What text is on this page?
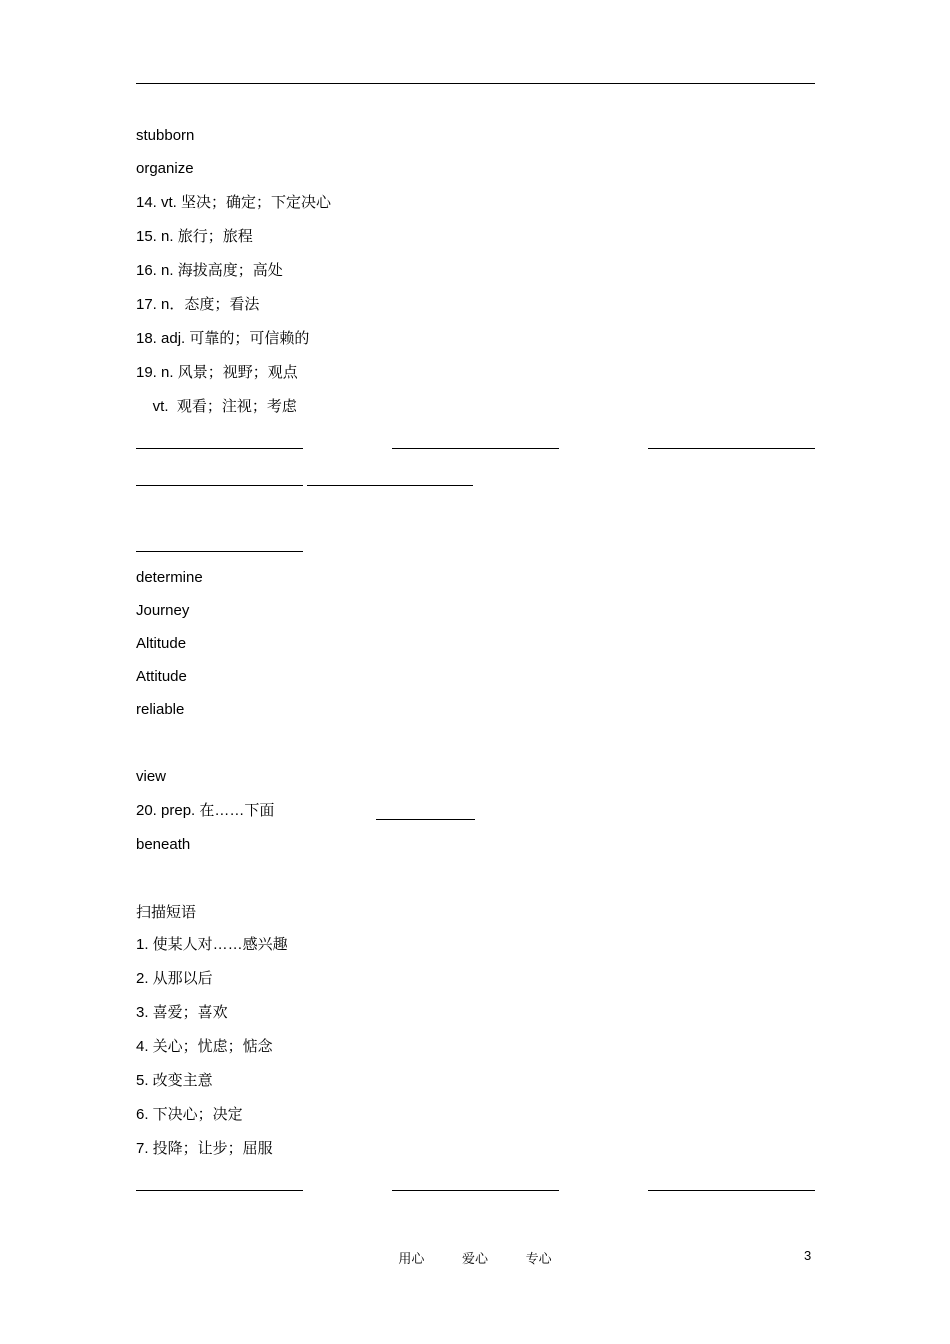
stubborn
organize
14. vt. 坚决；确定；下定决心
15. n. 旅行；旅程
16. n. 海拔高度；高处
17. n．态度；看法
18. adj. 可靠的；可信赖的
19. n. 风景；视野；观点
vt.  观看；注视；考虑
determine
Journey
Altitude
Attitude
reliable
view
20. prep. 在……下面
beneath
扫描短语
1. 使某人对……感兴趣
2. 从那以后
3. 喜爱；喜欢
4. 关心；忧虑；惦念
5. 改变主意
6. 下决心；决定
7. 投降；让步；屈服
用心	爱心	专心	3
